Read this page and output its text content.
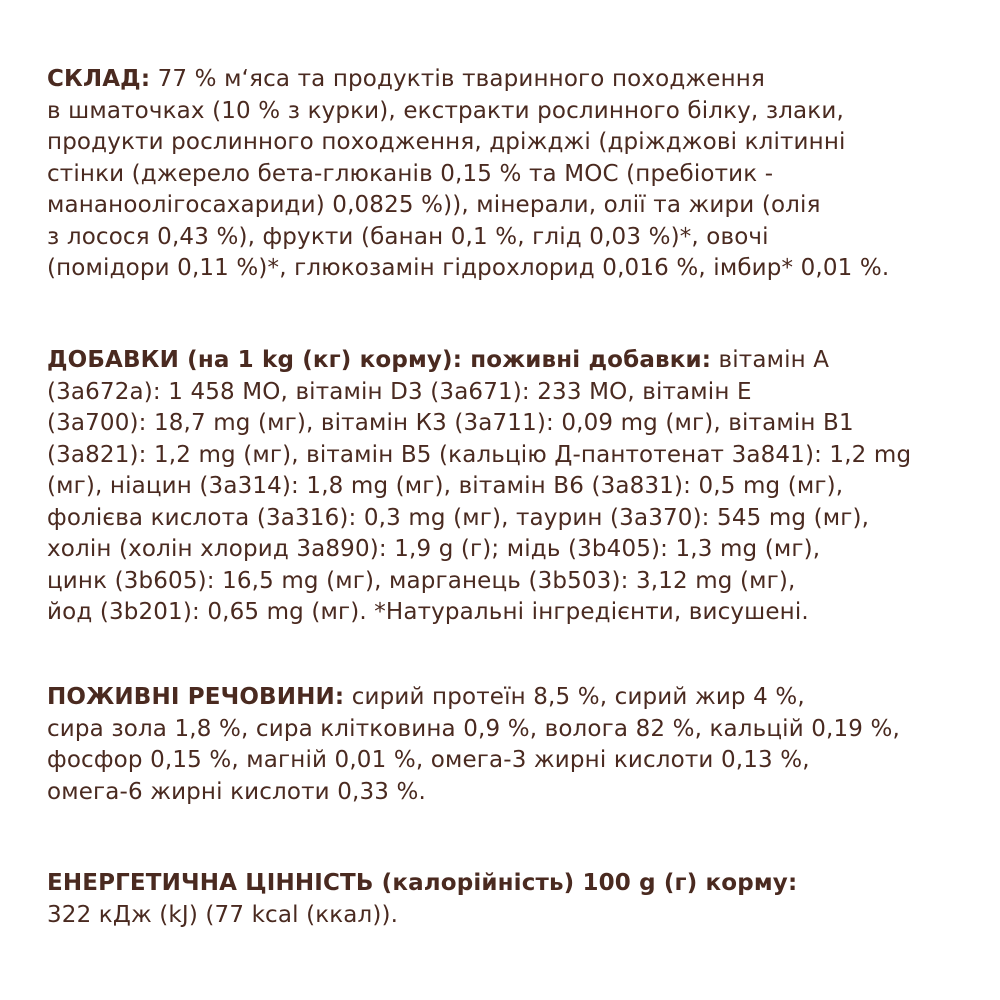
СКЛАД: 77 % м‘яса та продуктів тваринного походження
в шматочках (10 % з курки), екстракти рослинного білку, злаки,
продукти рослинного походження, дріжджі (дріжджові клітинні
стінки (джерело бета-глюканів 0,15 % та MOC (пребіотик -
мананоолігосахариди) 0,0825 %)), мінерали, олії та жири (олія
з лосося 0,43 %), фрукти (банан 0,1 %, глід 0,03 %)*, овочі
(помідори 0,11 %)*, глюкозамін гідрохлорид 0,016 %, імбир* 0,01 %.

ДОБАВКИ (на 1 kg (кг) корму): поживні добавки: вітамін А
(3a672a): 1 458 МО, вітамін D3 (3a671): 233 МО, вітамін Е
(3a700): 18,7 mg (мг), вітамін К3 (3a711): 0,09 mg (мг), вітамін B1
(3a821): 1,2 mg (мг), вітамін B5 (кальцію Д-пантотенат 3a841): 1,2 mg
(мг), ніацин (3a314): 1,8 mg (мг), вітамін B6 (3a831): 0,5 mg (мг),
фолієва кислота (3a316): 0,3 mg (мг), таурин (3a370): 545 mg (мг),
холін (холін хлорид 3a890): 1,9 g (г); мідь (3b405): 1,3 mg (мг),
цинк (3b605): 16,5 mg (мг), марганець (3b503): 3,12 mg (мг),
йод (3b201): 0,65 mg (мг). *Натуральні інгредієнти, висушені.

ПОЖИВНІ РЕЧОВИНИ: сирий протеїн 8,5 %, сирий жир 4 %,
сира зола 1,8 %, сира клітковина 0,9 %, волога 82 %, кальцій 0,19 %,
фосфор 0,15 %, магній 0,01 %, омега-3 жирні кислоти 0,13 %,
омега-6 жирні кислоти 0,33 %.

ЕНЕРГЕТИЧНА ЦІННІСТЬ (калорійність) 100 g (г) корму:
322 кДж (kJ) (77 kcal (ккал)).
